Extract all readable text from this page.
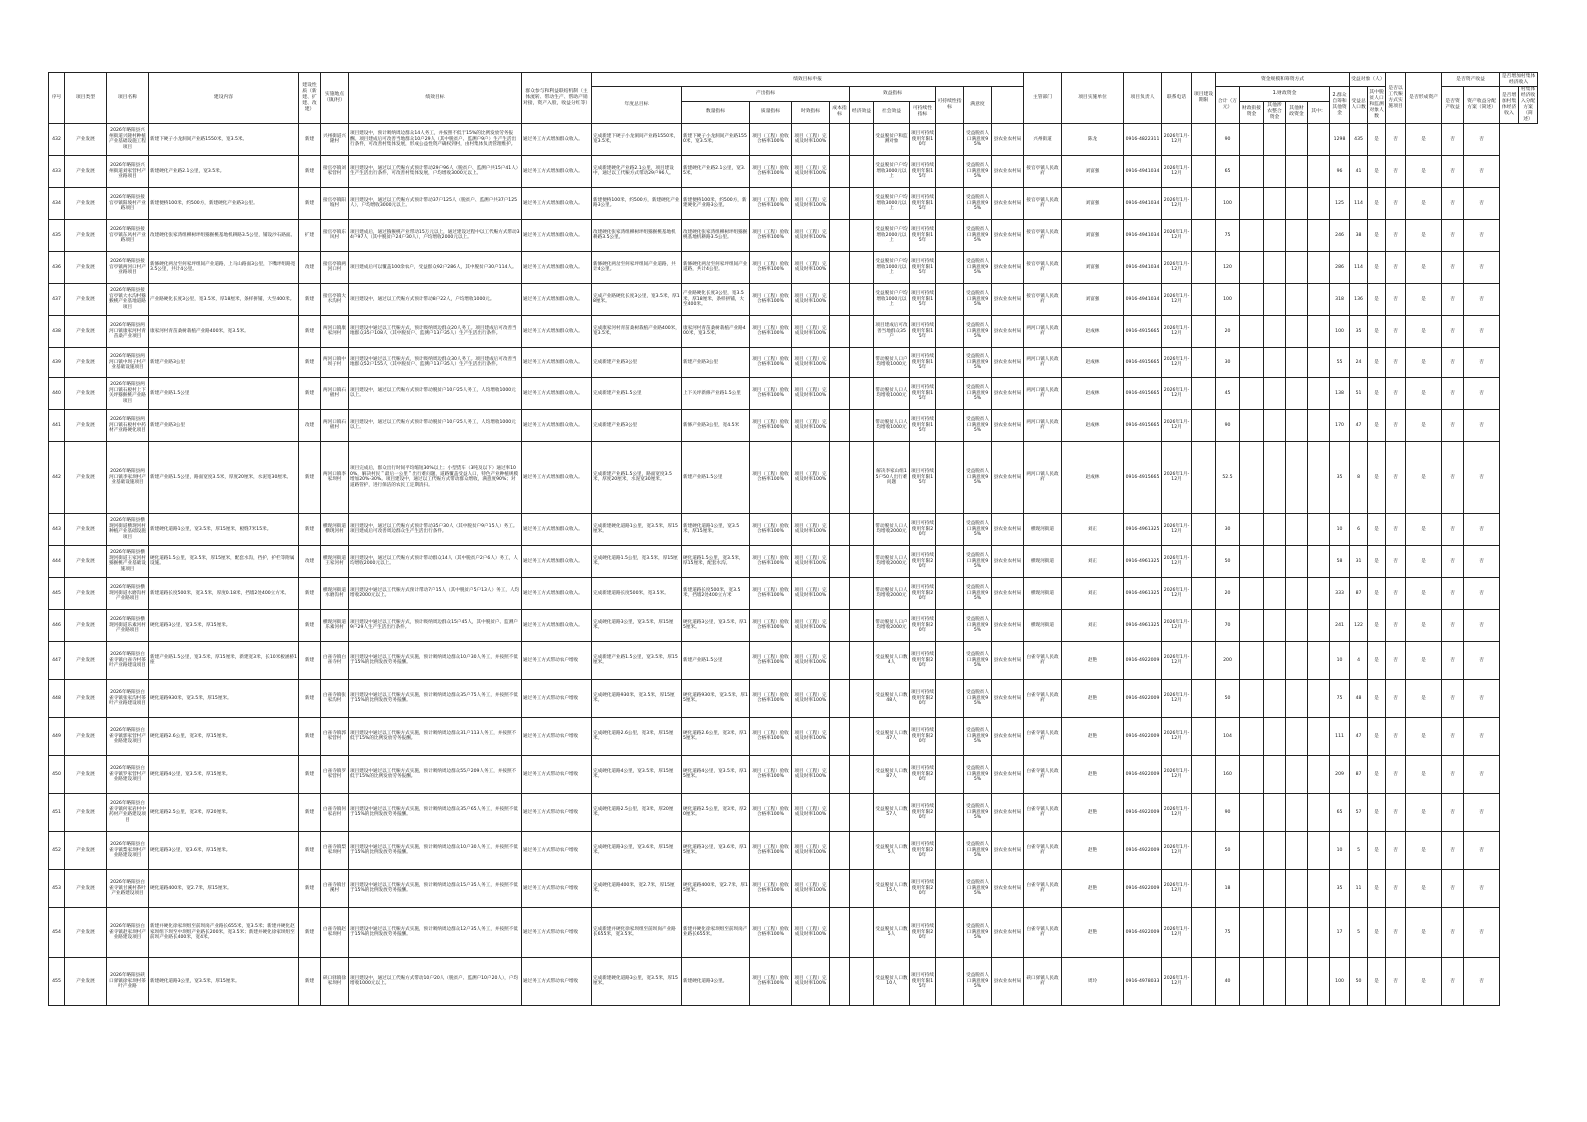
序号	项目类型	项目名称	建设内容	建设性质（新建、扩建、改建）	实施地点（镇/村）	绩效目标	群众参与和利益联结机制（主体流转、带动生产、帮助产销对接，资产入股，收益分红等）	绩效目标申报											主管部门	项目实施单位	项目负责人	联系电话	项目建设期限	资金规模和筹资方式						受益对象（人）		是否以工代赈方式实施项目	是否形成资产	是否资产收益		是否增加村集体经济收入	
								年度总目标	产出指标				效益指标			可持续性指标	满意度							合计（万元）	1.财政资金				2.群众自筹和其他资金	受益总人口数	其中脱贫人口和监测对象人数			是否资产收益	资产收益分配方案（简述）	是否增加村集体经济收入	村集体经济收入分配方案（简述）
									数量指标	质量指标	时效指标	成本指标	经济效益	社会效益	可持续性指标										财政衔接资金	其他涉农整合资金	其他财政资金	其中：									
432	产业发展	2026年略阳县兴州街道兴隆村种植产业基础设施工程项目	新建下硬子小龙洞间产业路1550米，宽3.5米。	新建	兴州街道兴隆村	项目建设中，预计吸纳周边群众14人务工，并按照不低于15%的比例发放劳务报酬。项目建成后可改善当地群众10户29人（其中脱贫户、监测户9户）生产生活出行条件，可改善村集体发展，形成公益性资产确权到村，由村集体负责管理维护。	通过务工方式增加群众收入。	完成新建下硬子小龙洞间产业路1550米，宽3.5米。	新建下硬子小龙洞间产业路1550米，宽3.5米。	项目（工程）验收合格率100%	项目（工程）完成及时率100%			受益脱贫户和监测对象	项目可持续使用年限10年		受益脱贫人口满意度95%	县农业农村局	兴州街道	陈龙	0916-4822311	2026年1月-12月		90					1298	435	是	否	是	否	否		
433	产业发展	2026年略阳县兴州街道刘家营村产业路项目	新建硬化产业路2.1公里，宽3.5米。	新建	接官亭镇刘家营村	项目建设中，通过以工代赈方式预计带动29户96人（脱贫户、监测户共15户41人）生产生活出行条件，可改善村集体发展，户均增收3000元以上。	通过务工方式增加群众收入。	完成新建硬化产业路2.1公里，项目建设中，通过以工代赈方式带动29户96人。	新建硬化产业路2.1公里，宽3.5米。	项目（工程）验收合格率100%	项目（工程）完成及时率100%			受益脱贫户户均增收3000元以上	项目可持续使用年限15年		受益脱贫人口满意度95%	县农业农村局	接官亭镇人民政府	刘富强	0916-4941034	2026年1月-12月		65					96	41	是	否	是	否	否		
434	产业发展	2026年略阳县接官亭镇阳坡村产业路项目	新建便桥100米，约500方，新建硬化产业路3公里。	新建	接官亭镇阳坡村	项目建设中，通过以工代赈方式预计带动37户125人（脱贫户、监测户共37户125人），户均增收3000元以上。	通过务工方式增加群众收入。	新建便桥100米，约500方，新建硬化产业路3公里。	新建便桥100米，约500方，新建硬化产业路3公里。	项目（工程）验收合格率100%	项目（工程）完成及时率100%			受益脱贫户户均增收3000元以上	项目可持续使用年限15年		受益脱贫人口满意度95%	县农业农村局	接官亭镇人民政府	刘富强	0916-4941034	2026年1月-12月		100					125	114	是	否	是	否	否		
435	产业发展	2026年略阳县接官亭镇东风村产业路项目	改建硬化张家湾组柳树坪组猕猴桃基地机耕路3.5公里，铺设沙石路面。	扩建	接官亭镇东风村	项目建成后，通过猕猴桃产业带动15万元以上，通过建设过程中以工代赈方式带动34户97人（其中脱贫户24户30人），户均增收2000元以上。	通过务工方式增加群众收入。	改建硬化张家湾组柳树坪组猕猴桃基地机耕路3.5公里。	改建硬化张家湾组柳树坪组猕猴桃基地机耕路3.5公里。	项目（工程）验收合格率100%	项目（工程）完成及时率100%			受益脱贫户户均增收2000元以上	项目可持续使用年限15年		受益脱贫人口满意度95%	县农业农村局	接官亭镇人民政府	刘富强	0916-4941034	2026年1月-12月		75					246	38	是	否	是	否	否		
436	产业发展	2026年略阳县接官亭镇两河口村产业路项目	新修硬化两岔至何家坪组间产业道路，上马山路面3公里，下嘴坪组路宽3.5公里，共计4公里。	改建	接官亭镇两河口村	项目建成后可以覆盖100余农户，受益群众92户286人，其中脱贫户30户114人。	通过务工方式增加群众收入。	新修硬化两岔至何家坪组间产业道路，共计4公里。	新修硬化两岔至何家坪组间产业道路，共计4公里。	项目（工程）验收合格率100%	项目（工程）完成及时率100%			受益脱贫户户均增收1000元以上	项目可持续使用年限15年		受益脱贫人口满意度95%	县农业农村局	接官亭镇人民政府	刘富强	0916-4941034	2026年1月-12月		120					286	114	是	否	是	否	否		
437	产业发展	2026年略阳县接官亭镇大水沟村猕猴桃产业基地道路项目	产业路硬化长度3公里，宽3.5米，厚18厘米，条样拼铺，大至400米。	新建	接官亭镇大水沟村	项目建设中，通过以工代赈方式预计带动8户22人，户均增收1000元。	通过务工方式增加群众收入。	完成产业路硬化长度3公里，宽3.5米，厚18厘米。	产业路硬化长度3公里，宽3.5米，厚18厘米，条样拼铺，大至400米。	项目（工程）验收合格率100%	项目（工程）完成及时率100%			受益脱贫户户均增收1000元以上	项目可持续使用年限15年		受益脱贫人口满意度95%	县农业农村局	接官亭镇人民政府	刘富强	0916-4941034	2026年1月-12月		100					318	136	是	否	是	否	否		
438	产业发展	2026年略阳县两河口镇康家河村青苗桑产业项目	康家河村青苗桑树栽植产业路400米，宽3.5米。	新建	两河口镇康家河村	项目建设中通过以工代赈方式，预计吸纳周边群众20人务工。项目建成后可改善当地群众35户108人（其中脱贫户、监测户13户35人）生产生活出行条件。	通过务工方式增加群众收入。	完成康家河村青苗桑树栽植产业路400米，宽3.5米。	康家河村青苗桑树栽植产业路400米，宽3.5米。	项目（工程）验收合格率100%	项目（工程）完成及时率100%			项目建成后可改善当地群众35户	项目可持续使用年限15年		受益脱贫人口满意度95%	县农业农村局	两河口镇人民政府	赵成林	0916-4915665	2026年1月-12月		20					100	35	是	否	是	否	否		
439	产业发展	2026年略阳县两河口镇中坝子村产业基础设施项目	新建产业路3公里	新建	两河口镇中坝子村	项目建设中通过以工代赈方式，预计吸纳周边群众30人务工。项目建成后可改善当地群众52户155人（其中脱贫户、监测户13户35人）生产生活出行条件。	通过务工方式增加群众收入。	完成新建产业路3公里	新建产业路3公里	项目（工程）验收合格率100%	项目（工程）完成及时率100%			带动脱贫人口户均增收1000元	项目可持续使用年限15年		受益脱贫人口满意度95%	县农业农村局	两河口镇人民政府	赵成林	0916-4915665	2026年1月-12月		30					55	24	是	否	是	否	否		
440	产业发展	2026年略阳县两河口镇石板村上下关坪猕猴桃产业路项目	新建产业路1.5公里	新建	两河口镇石板村	项目建设中，通过以工代赈方式预计带动脱贫户10户25人务工，人均增收1000元以上。	通过务工方式增加群众收入。	完成新建产业路1.5公里	上下关坪新修产业路1.5公里	项目（工程）验收合格率100%	项目（工程）完成及时率100%			带动脱贫人口人均增收1000元	项目可持续使用年限15年		受益脱贫人口满意度95%	县农业农村局	两河口镇人民政府	赵成林	0916-4915665	2026年1月-12月		45					138	51	是	否	是	否	否		
441	产业发展	2026年略阳县两河口镇石板村中药材产业路硬化项目	新建产业路3公里	改建	两河口镇石板村	项目建设中，通过以工代赈方式预计带动脱贫户10户25人务工，人均增收1000元以上。	通过务工方式增加群众收入。	完成新建产业路3公里	新修产业路3公里，宽4.5米	项目（工程）验收合格率100%	项目（工程）完成及时率100%			带动脱贫人口人均增收1000元	项目可持续使用年限15年		受益脱贫人口满意度95%	县农业农村局	两河口镇人民政府	赵成林	0916-4915665	2026年1月-12月		90					170	47	是	否	是	否	否		
442	产业发展	2026年略阳县两河口镇李家坝村产业基础设施项目	新建产业路1.5公里，路面宽度3.5米，厚度20厘米，水泥宽30厘米。	新建	两河口镇李家坝村	项目完成后，群众出行时间平均缩短30%以上；小型货车（3吨及以下）通过率100%，解决村民＂最后一公里＂出行难问题，道路覆盖受益人口，特色产业种植规模增加20%-30%。项目建设中，通过以工代赈方式带动群众增收，满意度90%；对道路管护，进行保洁的农民工定期清扫。	通过务工方式增加群众收入。	完成新建产业路1.5公里，路面宽度3.5米，厚度20厘米，水泥宽30厘米。	新建产业路1.5公里	项目（工程）验收合格率100%	项目（工程）完成及时率100%			解决李家山组15户50人出行难问题	项目可持续使用年限15年		受益脱贫人口满意度95%	县农业农村局	两河口镇人民政府	赵成林	0916-4915665	2026年1月-12月		52.5					35	8	是	否	是	否	否		
443	产业发展	2026年略阳县横现河街道横现河村种植产业基础设施项目	新建硬化道路1公里，宽3.5米，厚15厘米，板缝7米15米。	新建	横现河街道横现河村	项目建设中，通过以工代赈方式预计带动35户30人（其中脱贫户9户15人）务工。项目建成后可改善周边群众生产生活出行条件。	通过务工方式增加群众收入。	完成新建硬化道路1公里，宽3.5米，厚15厘米。	新建硬化道路1公里，宽3.5米，厚15厘米。	项目（工程）验收合格率100%	项目（工程）完成及时率100%			带动脱贫人口人均增收2000元	项目可持续使用年限20年		受益脱贫人口满意度95%	县农业农村局	横现河街道	刘正	0916-4961325	2026年1月-12月		30					10	6	是	否	是	否	否		
444	产业发展	2026年略阳县横现河街道王家河村猕猴桃产业基础设施项目	硬化道路1.5公里，宽3.5米，厚15厘米，配套水沟，挡护，护栏等附属设施。	改建	横现河街道王家河村	项目建设中，通过以工代赈方式预计带动群众14人（其中脱贫户2户6人）务工，人均增收2000元以上。	通过务工方式增加群众收入。	完成硬化道路1.5公里，宽3.5米，厚15厘米。	硬化道路1.5公里，宽3.5米，厚15厘米，配套水沟。	项目（工程）验收合格率100%	项目（工程）完成及时率100%			带动脱贫人口人均增收2000元	项目可持续使用年限20年		受益脱贫人口满意度95%	县农业农村局	横现河街道	刘正	0916-4961325	2026年1月-12月		50					58	31	是	否	是	否	否		
445	产业发展	2026年略阳县横现河街道水磨沟村产业路项目	新建道路长度500米，宽3.5米，厚度0.18米，挡墙2处400立方米。	新建	横现河街道水磨沟村	项目建设中通过以工代赈方式预计带动7户15人（其中脱贫户5户13人）务工，人均增收2000元以上。	通过务工方式增加群众收入。	完成新建道路长度500米，宽3.5米。	新建道路长度500米，宽3.5米，挡墙2处400立方米	项目（工程）验收合格率100%	项目（工程）完成及时率100%			带动脱贫人口人均增收2000元	项目可持续使用年限20年		受益脱贫人口满意度95%	县农业农村局	横现河街道	刘正	0916-4961325	2026年1月-12月		20					333	87	是	否	是	否	否		
446	产业发展	2026年略阳县横现河街道乐素河村产业路项目	硬化道路3公里，宽3.5米，厚15厘米。	新建	横现河街道乐素河村	项目建设中通过以工代赈方式，预计吸纳周边群众15户45人，其中脱贫户、监测户9户29人生产生活出行条件。	通过务工方式增加群众收入。	完成硬化道路3公里，宽3.5米，厚15厘米。	硬化道路3公里，宽3.5米，厚15厘米。	项目（工程）验收合格率100%	项目（工程）完成及时率100%			带动脱贫人口户均增收2000元	项目可持续使用年限20年		受益脱贫人口满意度95%	县农业农村局	横现河街道	刘正	0916-4961325	2026年1月-12月		70					241	122	是	否	是	否	否		
447	产业发展	2026年略阳县白雀寺镇白雀寺村茶叶产业路建设项目	新建产业路1.5公里，宽3.5米，厚15厘米，新建宽3米，长10米板涵桥1座	新建	白雀寺镇白雀寺村	项目建设中通过以工代赈方式实施，预计吸纳周边群众10户30人务工，并按照不低于15%的比例发放劳务报酬。	通过务工方式带动农户增收	完成新建产业路1.5公里，宽3.5米，厚15厘米。	新建产业路1.5公里	项目（工程）验收合格率100%	项目（工程）完成及时率100%			受益脱贫人口数4人	项目可持续使用年限20年		受益脱贫人口满意度95%	县农业农村局	白雀寺镇人民政府	赵艳	0916-4922009	2026年1月-12月		200					10	4	是	否	是	否	否		
448	产业发展	2026年略阳县白雀寺镇张家沟村茶叶产业路建设项目	硬化道路930米，宽3.5米，厚15厘米。	新建	白雀寺镇张家沟村	项目建设中通过以工代赈方式实施，预计吸纳周边群众35户75人务工，并按照不低于15%的比例发放劳务报酬。	通过务工方式带动农户增收	完成硬化道路930米，宽3.5米，厚15厘米。	硬化道路930米，宽3.5米，厚15厘米。	项目（工程）验收合格率100%	项目（工程）完成及时率100%			受益脱贫人口数48人	项目可持续使用年限20年		受益脱贫人口满意度95%	县农业农村局	白雀寺镇人民政府	赵艳	0916-4922009	2026年1月-12月		50					75	48	是	否	是	否	否		
449	产业发展	2026年略阳县白雀寺镇郭家营村产业路建设项目	硬化道路2.6公里，宽3米，厚15厘米。	新建	白雀寺镇郭家营村	项目建设中通过以工代赈方式实施，预计吸纳周边群众31户113人务工，并按照不低于15%的比例发放劳务报酬。	通过务工方式带动农户增收	完成硬化道路2.6公里，宽3米，厚15厘米。	硬化道路2.6公里，宽3米，厚15厘米。	项目（工程）验收合格率100%	项目（工程）完成及时率100%			受益脱贫人口数47人	项目可持续使用年限20年		受益脱贫人口满意度95%	县农业农村局	白雀寺镇人民政府	赵艳	0916-4922009	2026年1月-12月		104					111	47	是	否	是	否	否		
450	产业发展	2026年略阳县白雀寺镇罗家营村产业路建设项目	硬化道路4公里，宽3.5米，厚15厘米。	新建	白雀寺镇罗家营村	项目建设中通过以工代赈方式实施，预计吸纳周边群众55户209人务工，并按照不低于15%的比例发放劳务报酬。	通过务工方式带动农户增收	完成硬化道路4公里，宽3.5米，厚15厘米。	硬化道路4公里，宽3.5米，厚15厘米。	项目（工程）验收合格率100%	项目（工程）完成及时率100%			受益脱贫人口数87人	项目可持续使用年限20年		受益脱贫人口满意度95%	县农业农村局	白雀寺镇人民政府	赵艳	0916-4922009	2026年1月-12月		160					209	87	是	否	是	否	否		
451	产业发展	2026年略阳县白雀寺镇何家岩村中药材产业路建设项目	硬化道路2.5公里，宽3米，厚20厘米。	新建	白雀寺镇何家岩村	项目建设中通过以工代赈方式实施，预计吸纳周边群众35户65人务工，并按照不低于15%的比例发放劳务报酬。	通过务工方式带动农户增收	完成硬化道路2.5公里，宽3米，厚20厘米。	硬化道路2.5公里，宽3米，厚20厘米。	项目（工程）验收合格率100%	项目（工程）完成及时率100%			受益脱贫人口数57人	项目可持续使用年限20年		受益脱贫人口满意度95%	县农业农村局	白雀寺镇人民政府	赵艳	0916-4922009	2026年1月-12月		90					65	57	是	否	是	否	否		
452	产业发展	2026年略阳县白雀寺镇梨家坝村产业路建设项目	硬化道路3公里，宽3.6米，厚15厘米。	新建	白雀寺镇梨家坝村	项目建设中通过以工代赈方式实施，预计吸纳周边群众10户30人务工，并按照不低于15%的比例发放劳务报酬。	通过务工方式带动农户增收	完成硬化道路3公里，宽3.6米，厚15厘米。	硬化道路3公里，宽3.6米，厚15厘米。	项目（工程）验收合格率100%	项目（工程）完成及时率100%			受益脱贫人口数5人	项目可持续使用年限20年		受益脱贫人口满意度95%	县农业农村局	白雀寺镇人民政府	赵艳	0916-4922009	2026年1月-12月		50					10	5	是	否	是	否	否		
453	产业发展	2026年略阳县白雀寺镇甘溪村茶叶产业路建设项目	硬化道路400米，宽2.7米，厚15厘米。	新建	白雀寺镇甘溪村	项目建设中通过以工代赈方式实施，预计吸纳周边群众15户35人务工，并按照不低于15%的比例发放劳务报酬。	通过务工方式带动农户增收	完成硬化道路400米，宽2.7米，厚15厘米。	硬化道路400米，宽2.7米，厚15厘米。	项目（工程）验收合格率100%	项目（工程）完成及时率100%			受益脱贫人口数15人	项目可持续使用年限20年		受益脱贫人口满意度95%	县农业农村局	白雀寺镇人民政府	赵艳	0916-4922009	2026年1月-12月		18					35	11	是	否	是	否	否		
454	产业发展	2026年略阳县白雀寺镇赵家坝村产业路建设项目	新建并硬化徐家坝组至前坝岗产业路长655米，宽3.5米；新建并硬化赵家坝组下坝至中坝组产业路长200米，宽3.5米；新建并硬化徐家坝组至前坝产业路长400米，宽4米。	新建	白雀寺镇赵家坝村	项目建设中通过以工代赈方式实施，预计吸纳周边群众12户35人务工，并按照不低于15%的比例发放劳务报酬。	通过务工方式带动农户增收	完成新建并硬化徐家坝组至前坝岗产业路长655米，宽3.5米。	新建并硬化徐家坝组至前坝岗产业路长655米。	项目（工程）验收合格率100%	项目（工程）完成及时率100%			受益脱贫人口数5人	项目可持续使用年限20年		受益脱贫人口满意度95%	县农业农村局	白雀寺镇人民政府	赵艳	0916-4922009	2026年1月-12月		75					17	5	是	否	是	否	否		
455	产业发展	2026年略阳县硖口驿镇徐家坝村茶叶产业路	新建硬化道路3公里，宽3.5米，厚15厘米。	新建	硖口驿镇徐家坝村	项目建设中，通过以工代赈方式带动10户20人（脱贫户、监测户10户20人），户均增收1000元以上。	通过务工方式带动农户增收	完成新建硬化道路3公里，宽3.5米，厚15厘米。	新建硬化道路3公里。	项目（工程）验收合格率100%	项目（工程）完成及时率100%			受益脱贫人口数10人	项目可持续使用年限15年		受益脱贫人口满意度95%	县农业农村局	硖口驿镇人民政府	周玲	0916-4978033	2026年1月-12月		40					100	50	是	否	是	否	否		
